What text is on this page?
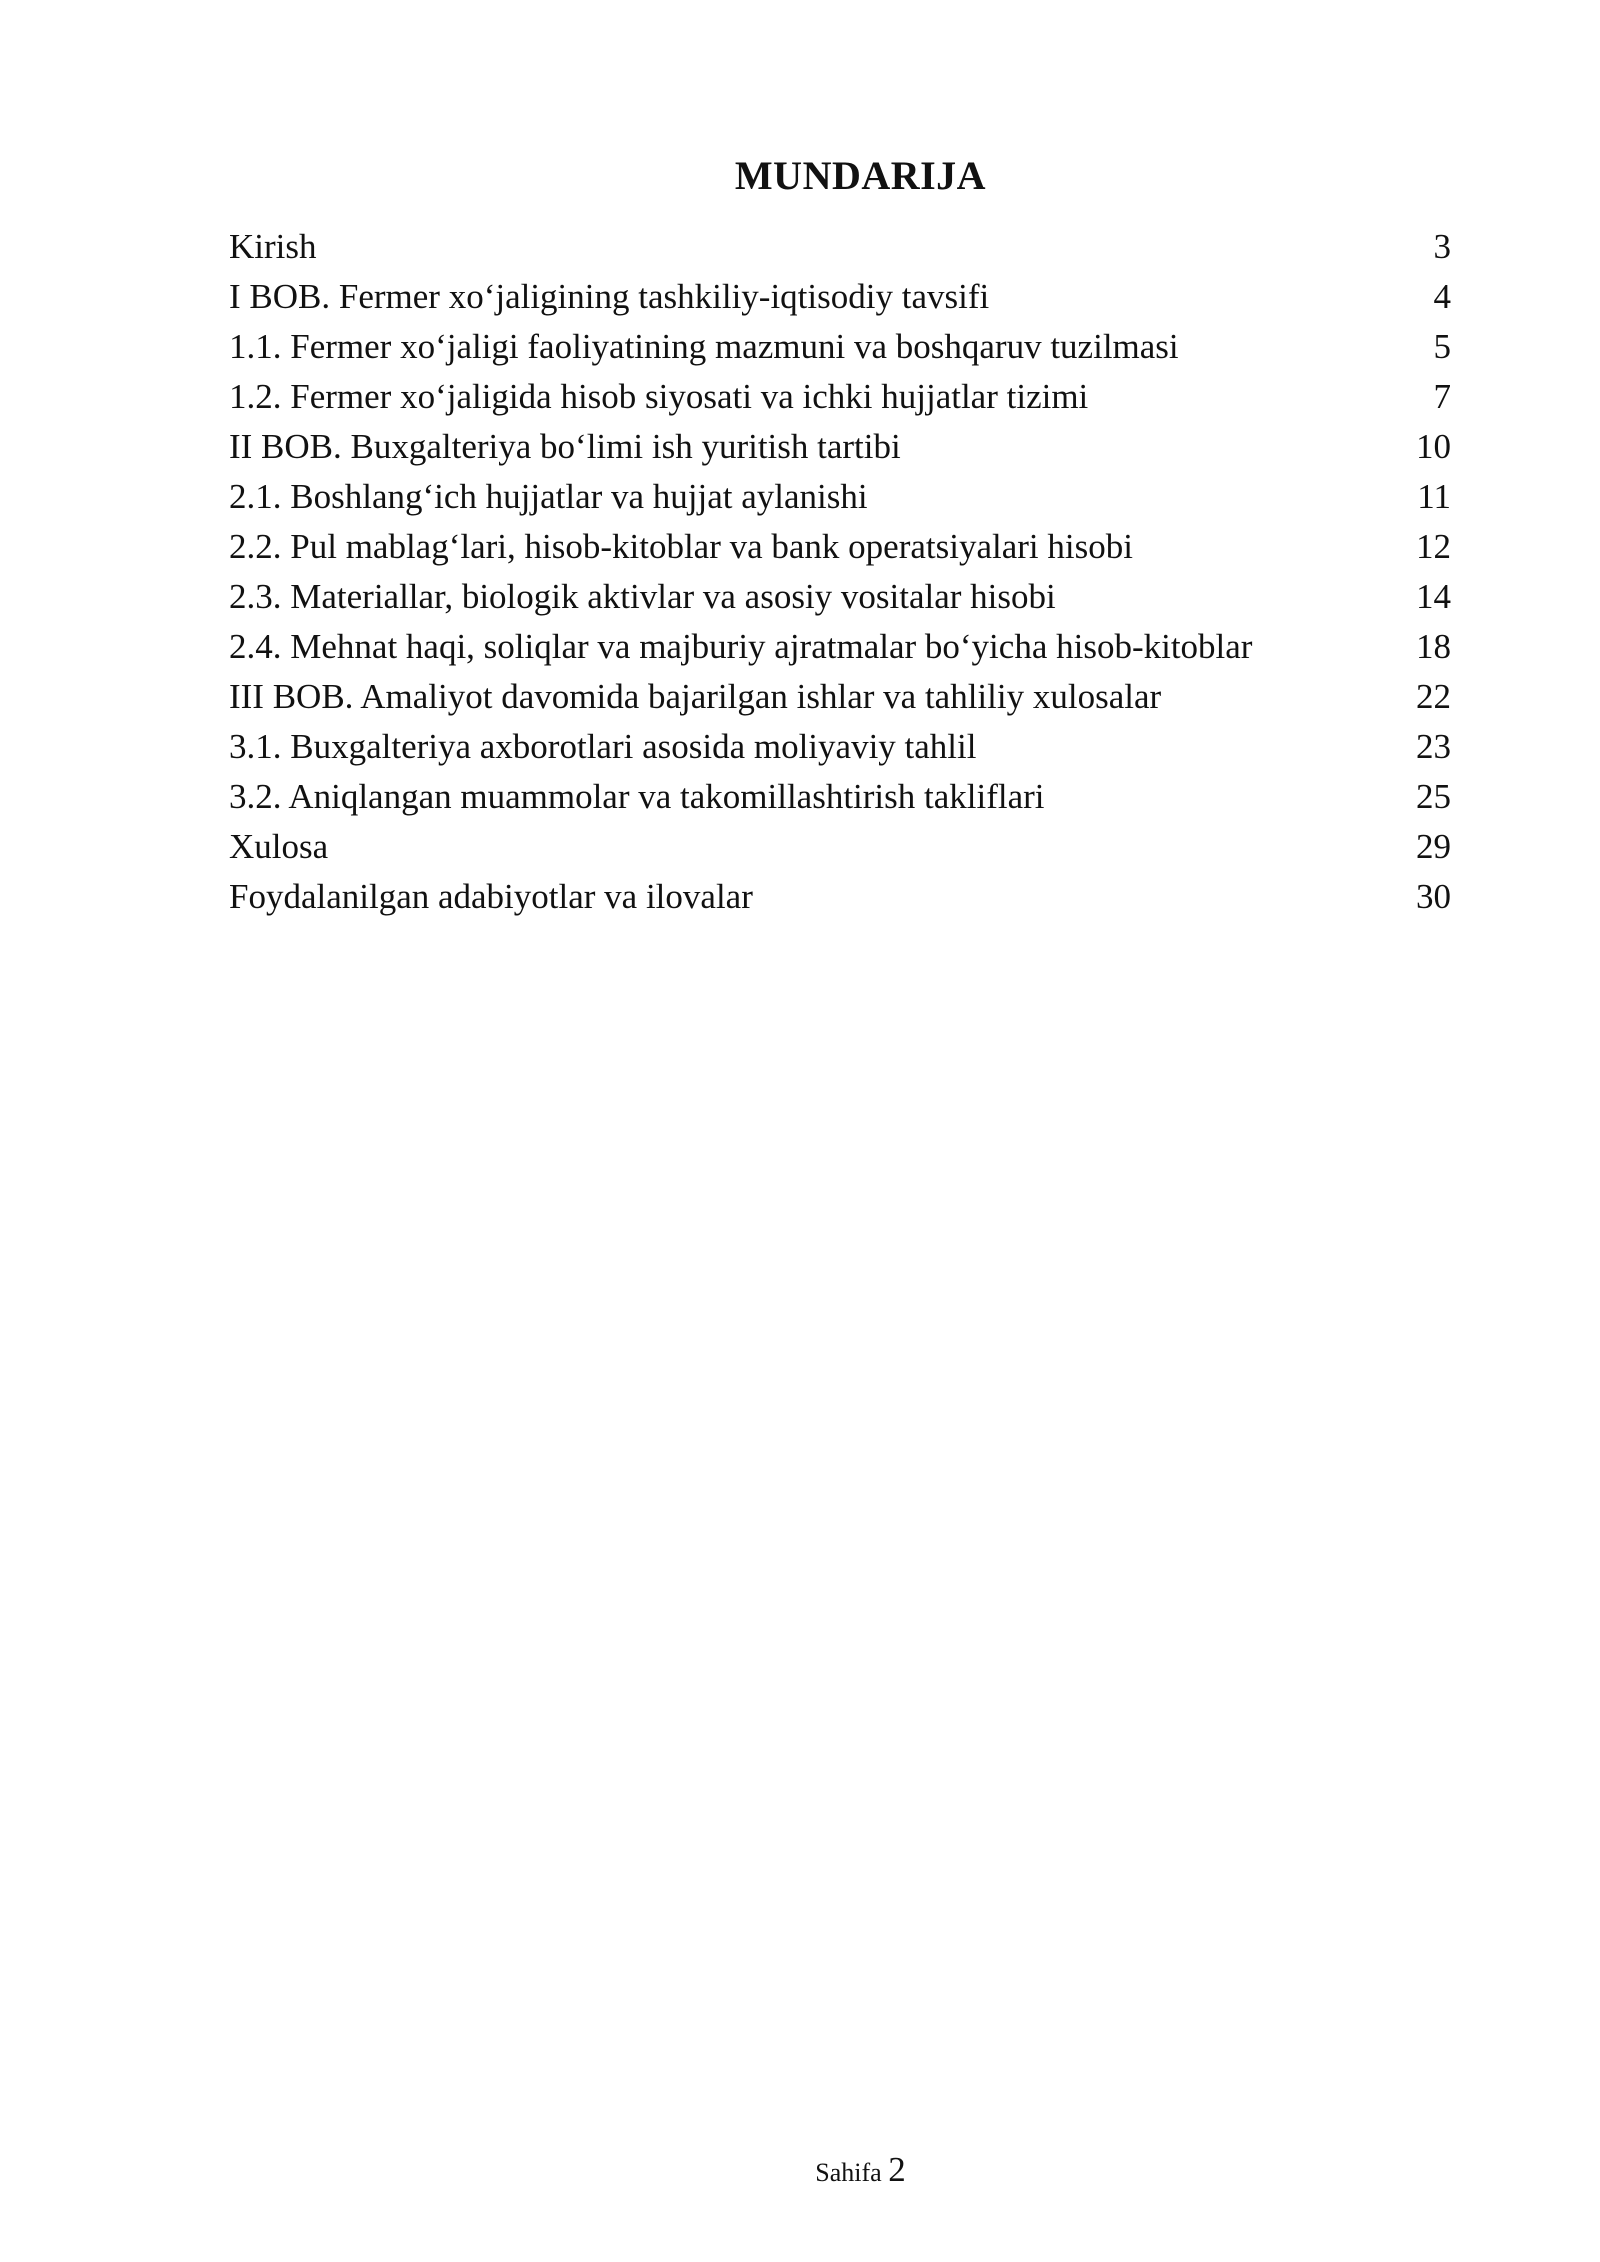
MUNDARIJA
Kirish	3
I BOB. Fermer xo‘jaligining tashkiliy-iqtisodiy tavsifi	4
1.1. Fermer xo‘jaligi faoliyatining mazmuni va boshqaruv tuzilmasi	5
1.2. Fermer xo‘jaligida hisob siyosati va ichki hujjatlar tizimi	7
II BOB. Buxgalteriya bo‘limi ish yuritish tartibi	10
2.1. Boshlang‘ich hujjatlar va hujjat aylanishi	11
2.2. Pul mablag‘lari, hisob-kitoblar va bank operatsiyalari hisobi	12
2.3. Materiallar, biologik aktivlar va asosiy vositalar hisobi	14
2.4. Mehnat haqi, soliqlar va majburiy ajratmalar bo‘yicha hisob-kitoblar	18
III BOB. Amaliyot davomida bajarilgan ishlar va tahliliy xulosalar	22
3.1. Buxgalteriya axborotlari asosida moliyaviy tahlil	23
3.2. Aniqlangan muammolar va takomillashtirish takliflari	25
Xulosa	29
Foydalanilgan adabiyotlar va ilovalar	30
Sahifa 2
